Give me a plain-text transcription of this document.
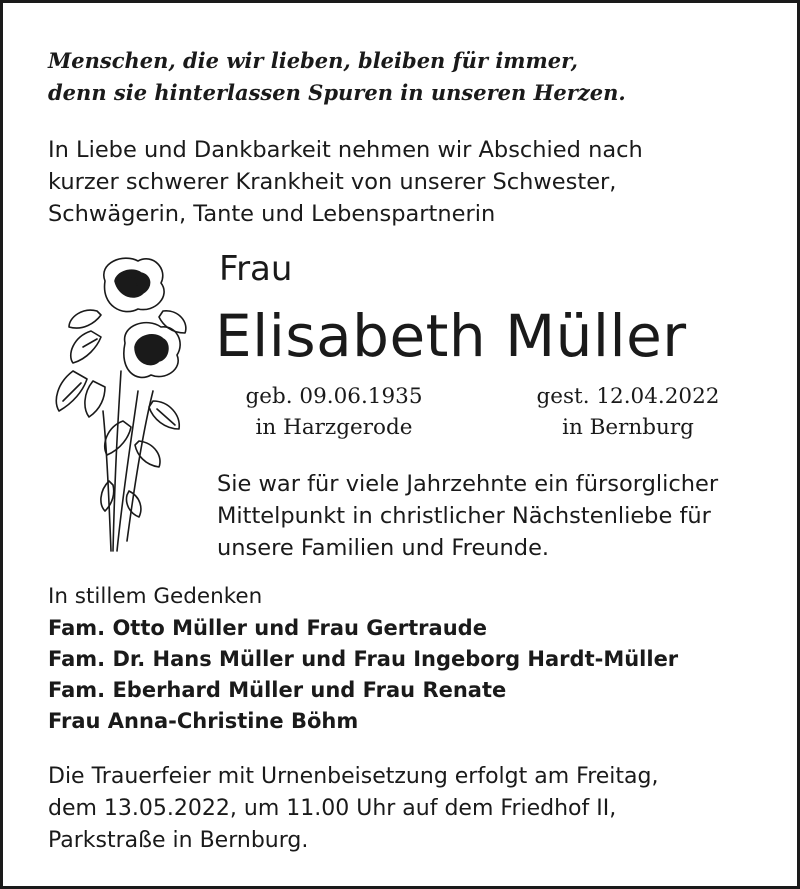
Menschen, die wir lieben, bleiben für immer,
denn sie hinterlassen Spuren in unseren Herzen.
In Liebe und Dankbarkeit nehmen wir Abschied nach
kurzer schwerer Krankheit von unserer Schwester,
Schwägerin, Tante und Lebenspartnerin
Frau
Elisabeth Müller
geb. 09.06.1935
in Harzgerode
gest. 12.04.2022
in Bernburg
Sie war für viele Jahrzehnte ein fürsorglicher
Mittelpunkt in christlicher Nächstenliebe für
unsere Familien und Freunde.
In stillem Gedenken
Fam. Otto Müller und Frau Gertraude
Fam. Dr. Hans Müller und Frau Ingeborg Hardt-Müller
Fam. Eberhard Müller und Frau Renate
Frau Anna-Christine Böhm
Die Trauerfeier mit Urnenbeisetzung erfolgt am Freitag,
dem 13.05.2022, um 11.00 Uhr auf dem Friedhof II,
Parkstraße in Bernburg.
